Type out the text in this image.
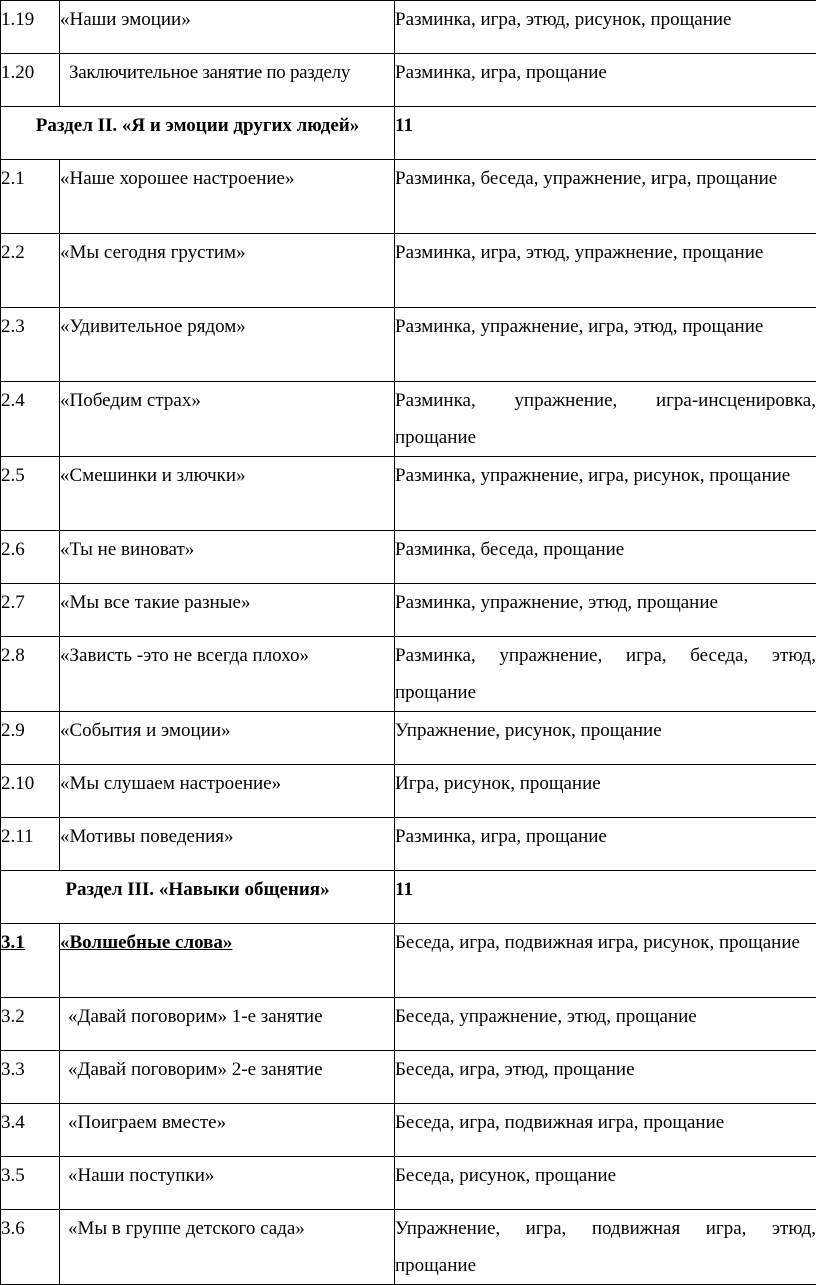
1.19	«Наши эмоции»	Разминка, игра, этюд, рисунок, прощание
1.20	Заключительное занятие по разделу	Разминка, игра, прощание
Раздел II. «Я и эмоции других людей»		11
2.1	«Наше хорошее настроение»	Разминка, беседа, упражнение, игра, прощание
2.2	«Мы сегодня грустим»	Разминка, игра, этюд, упражнение, прощание
2.3	«Удивительное рядом»	Разминка, упражнение, игра, этюд, прощание
2.4	«Победим страх»	Разминка, упражнение, игра-инсценировка, прощание
2.5	«Смешинки и злючки»	Разминка, упражнение, игра, рисунок, прощание
2.6	«Ты не виноват»	Разминка, беседа, прощание
2.7	«Мы все такие разные»	Разминка, упражнение, этюд, прощание
2.8	«Зависть -это не всегда плохо»	Разминка, упражнение, игра, беседа, этюд, прощание
2.9	«События и эмоции»	Упражнение, рисунок, прощание
2.10	«Мы слушаем настроение»	Игра, рисунок, прощание
2.11	«Мотивы поведения»	Разминка, игра, прощание
Раздел III. «Навыки общения»		11
3.1	«Волшебные слова»	Беседа, игра, подвижная игра, рисунок, прощание
3.2	«Давай поговорим» 1-е занятие	Беседа, упражнение, этюд, прощание
3.3	«Давай поговорим» 2-е занятие	Беседа, игра, этюд, прощание
3.4	«Поиграем вместе»	Беседа, игра, подвижная игра, прощание
3.5	«Наши поступки»	Беседа, рисунок, прощание
3.6	«Мы в группе детского сада»	Упражнение, игра, подвижная игра, этюд, прощание
